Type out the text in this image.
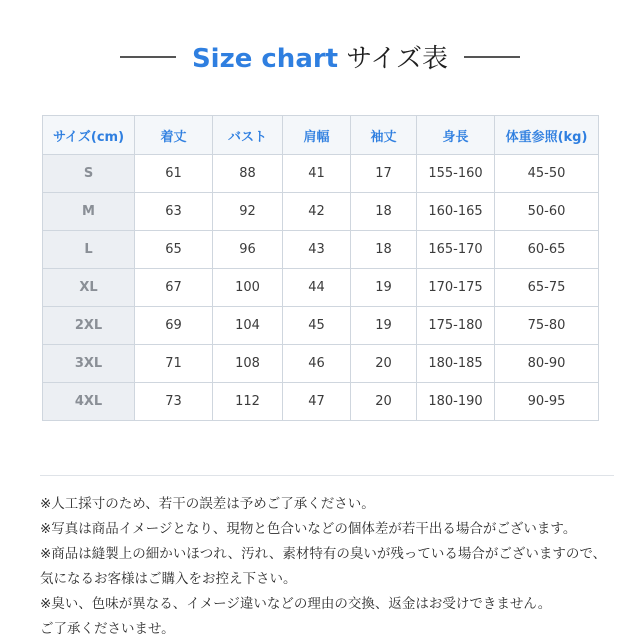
Size chart サイズ表
サイズ(cm)	着丈	バスト	肩幅	袖丈	身長	体重参照(kg)
S	61	88	41	17	155-160	45-50
M	63	92	42	18	160-165	50-60
L	65	96	43	18	165-170	60-65
XL	67	100	44	19	170-175	65-75
2XL	69	104	45	19	175-180	75-80
3XL	71	108	46	20	180-185	80-90
4XL	73	112	47	20	180-190	90-95
※人工採寸のため、若干の誤差は予めご了承ください。
※写真は商品イメージとなり、現物と色合いなどの個体差が若干出る場合がございます。
※商品は縫製上の細かいほつれ、汚れ、素材特有の臭いが残っている場合がございますので、
気になるお客様はご購入をお控え下さい。
※臭い、色味が異なる、イメージ違いなどの理由の交換、返金はお受けできません。
ご了承くださいませ。
